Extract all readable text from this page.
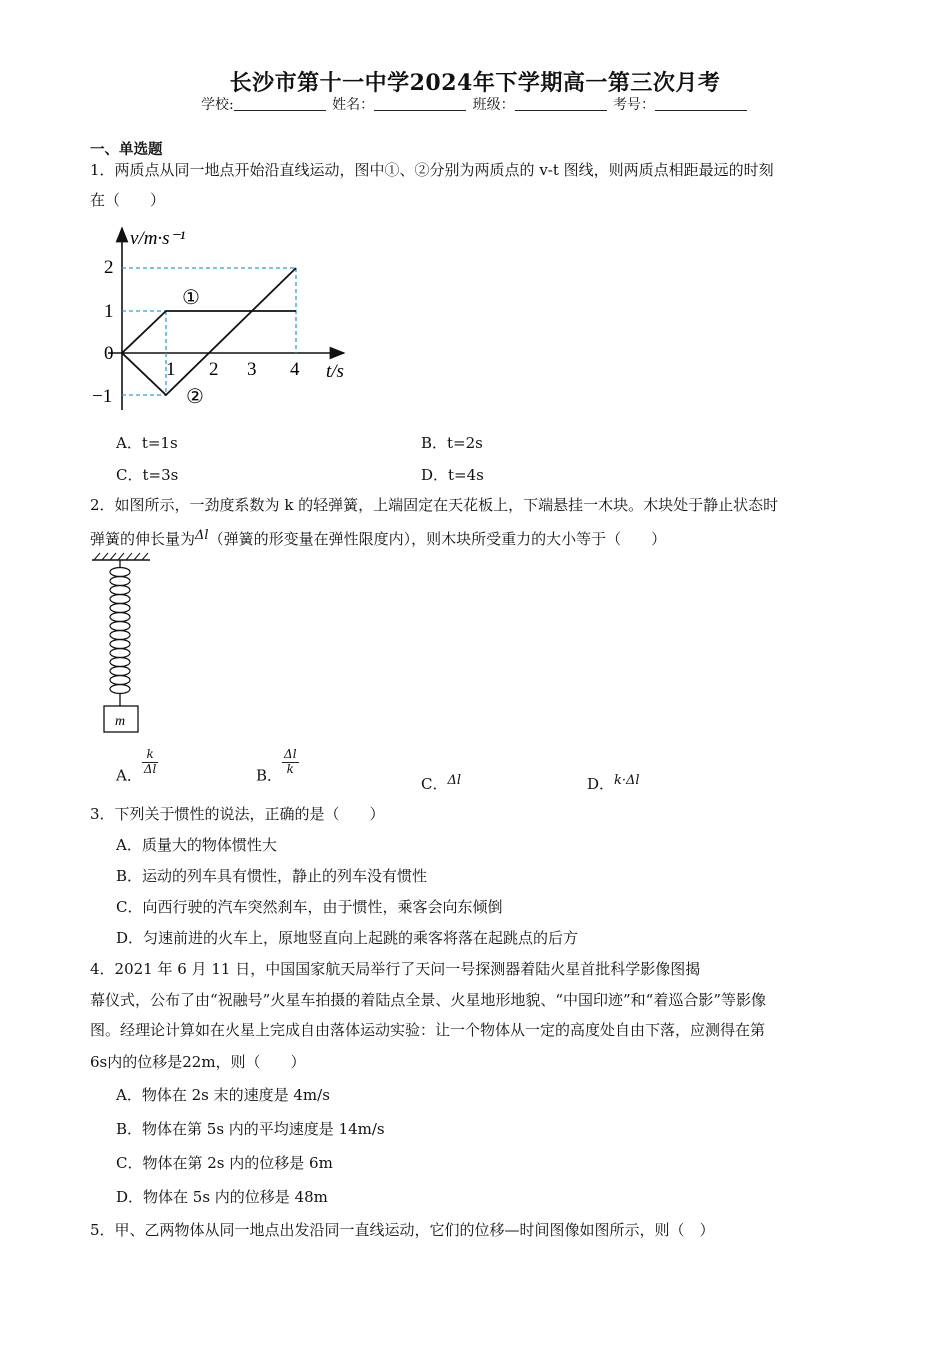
长沙市第十一中学2024年下学期高一第三次月考
学校:	姓名：	班级：	考号：
一、单选题
1．两质点从同一地点开始沿直线运动，图中①、②分别为两质点的 v-t 图线，则两质点相距最远的时刻
在（　　）
v/m·s⁻¹
t/s
2
1
0
−1
1 2 3 4
①
②
A．t=1s	B．t=2s
C．t=3s	D．t=4s
2．如图所示，一劲度系数为 k 的轻弹簧，上端固定在天花板上，下端悬挂一木块。木块处于静止状态时
弹簧的伸长量为Δl（弹簧的形变量在弹性限度内），则木块所受重力的大小等于（　　）
m
A． $\frac{k}{\Delta l}$	B． $\frac{\Delta l}{k}$
C．Δl	D．k·Δl
3．下列关于惯性的说法，正确的是（　　）
A．质量大的物体惯性大
B．运动的列车具有惯性，静止的列车没有惯性
C．向西行驶的汽车突然刹车，由于惯性，乘客会向东倾倒
D．匀速前进的火车上，原地竖直向上起跳的乘客将落在起跳点的后方
4．2021 年 6 月 11 日，中国国家航天局举行了天问一号探测器着陆火星首批科学影像图揭
幕仪式，公布了由“祝融号”火星车拍摄的着陆点全景、火星地形地貌、“中国印迹”和“着巡合影”等影像
图。经理论计算如在火星上完成自由落体运动实验：让一个物体从一定的高度处自由下落，应测得在第
6s内的位移是22m，则（　　）
A．物体在 2s 末的速度是 4m/s
B．物体在第 5s 内的平均速度是 14m/s
C．物体在第 2s 内的位移是 6m
D．物体在 5s 内的位移是 48m
5．甲、乙两物体从同一地点出发沿同一直线运动，它们的位移—时间图像如图所示，则（　）
